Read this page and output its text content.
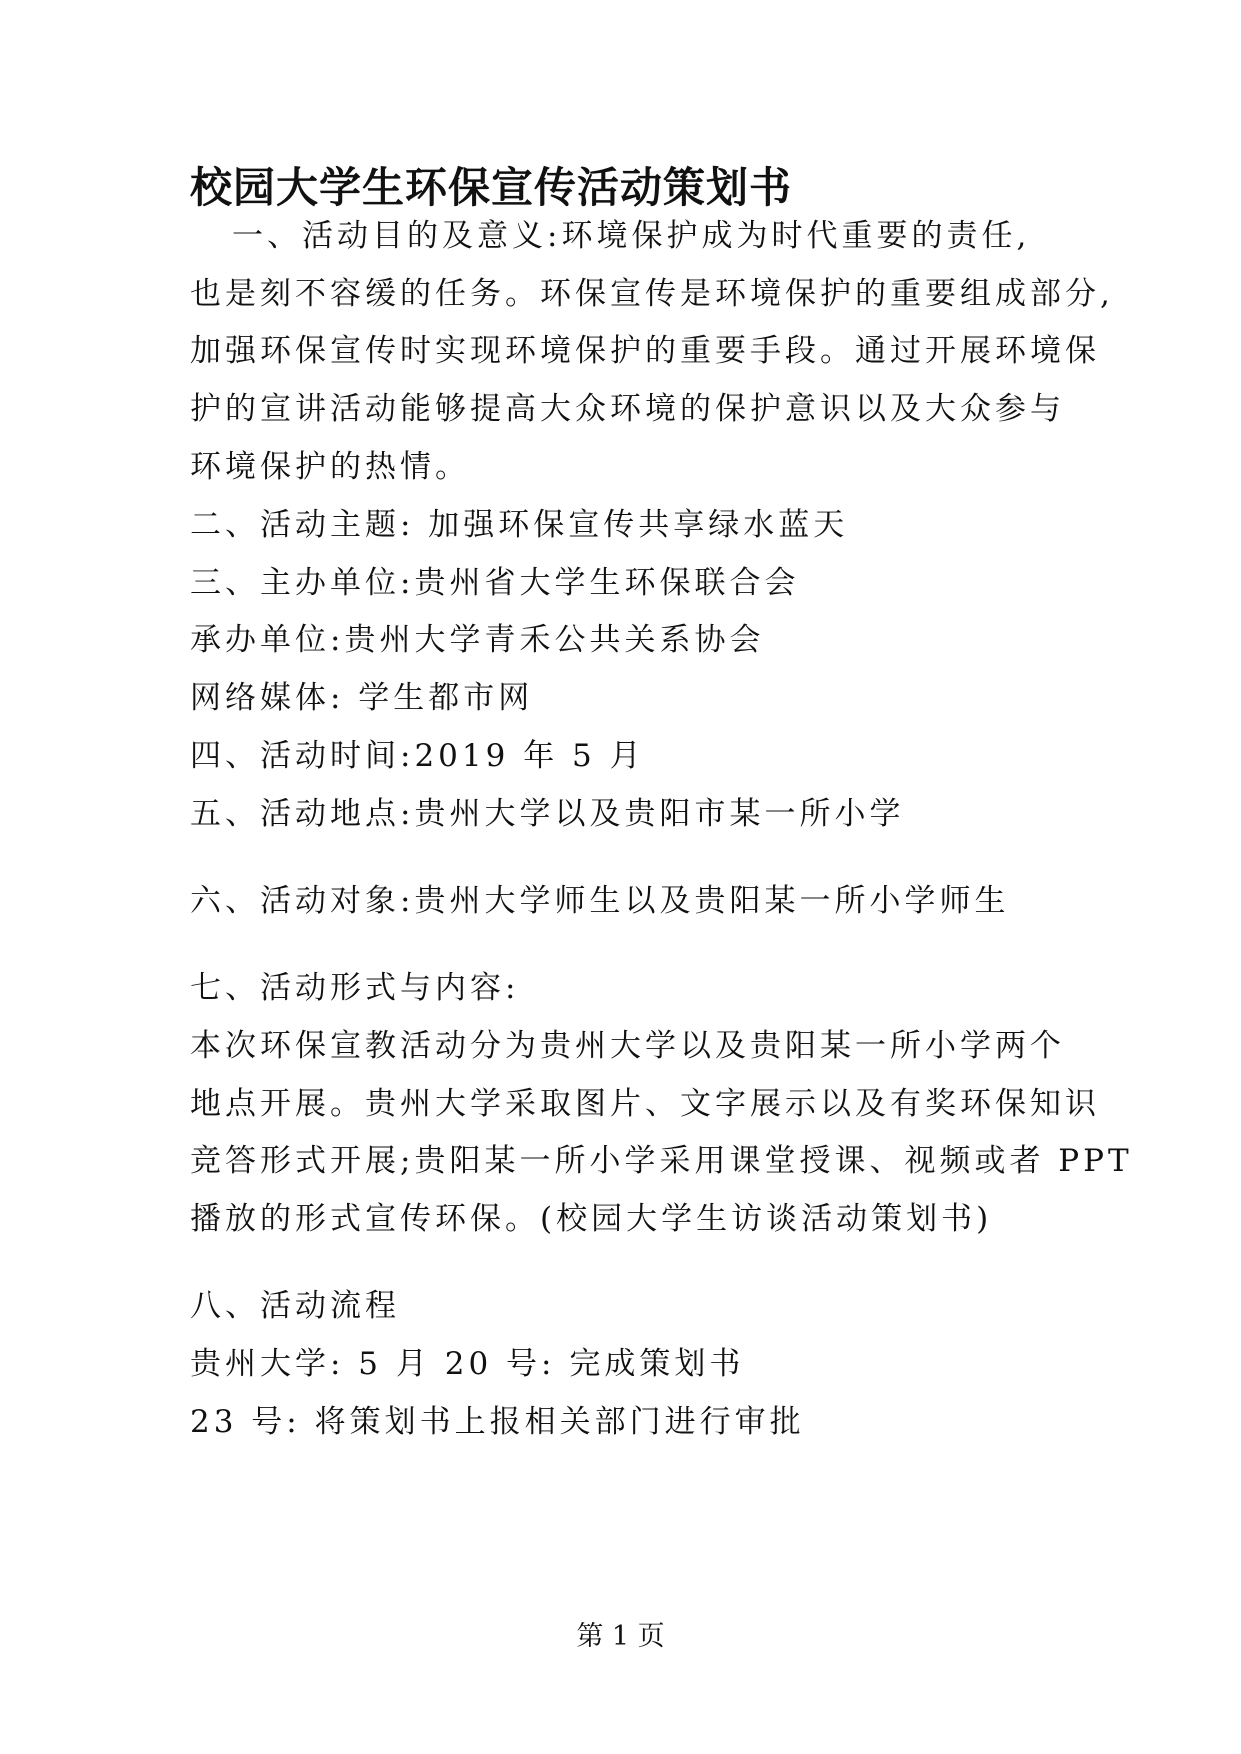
校园大学生环保宣传活动策划书
一、活动目的及意义:环境保护成为时代重要的责任,
也是刻不容缓的任务。环保宣传是环境保护的重要组成部分,
加强环保宣传时实现环境保护的重要手段。通过开展环境保
护的宣讲活动能够提高大众环境的保护意识以及大众参与
环境保护的热情。
二、活动主题: 加强环保宣传共享绿水蓝天
三、主办单位:贵州省大学生环保联合会
承办单位:贵州大学青禾公共关系协会
网络媒体: 学生都市网
四、活动时间:2019 年 5 月
五、活动地点:贵州大学以及贵阳市某一所小学
六、活动对象:贵州大学师生以及贵阳某一所小学师生
七、活动形式与内容:
本次环保宣教活动分为贵州大学以及贵阳某一所小学两个
地点开展。贵州大学采取图片、文字展示以及有奖环保知识
竞答形式开展;贵阳某一所小学采用课堂授课、视频或者 PPT
播放的形式宣传环保。(校园大学生访谈活动策划书)
八、活动流程
贵州大学: 5 月 20 号: 完成策划书
23 号: 将策划书上报相关部门进行审批
第 1 页
